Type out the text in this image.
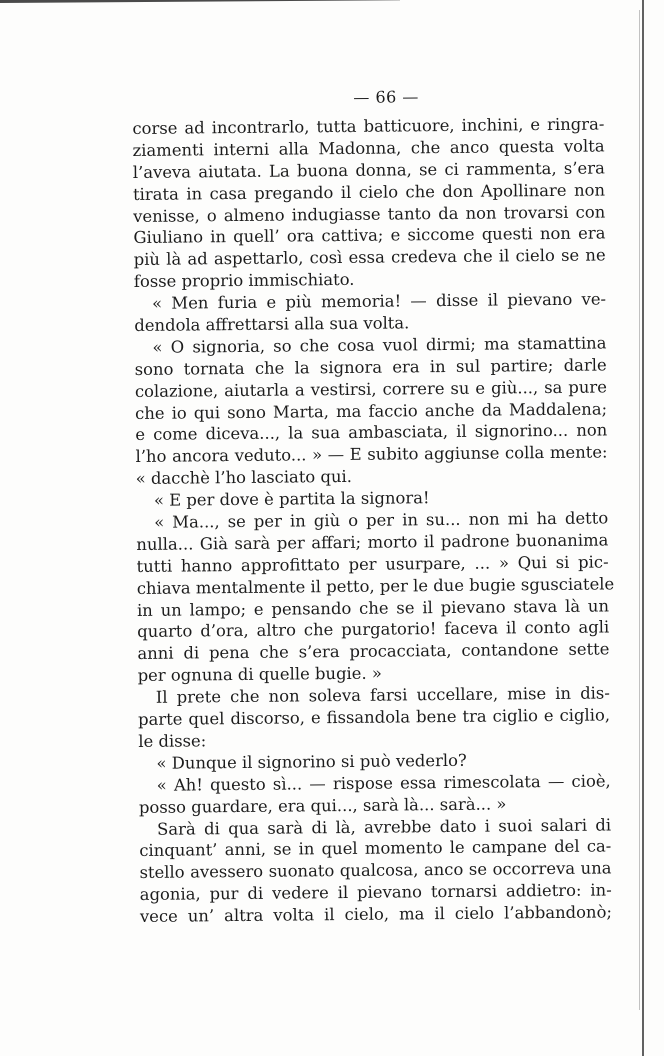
— 66 —
corse ad incontrarlo, tutta batticuore, inchini, e ringra-
ziamenti interni alla Madonna, che anco questa volta
l’aveva aiutata. La buona donna, se ci rammenta, s’era
tirata in casa pregando il cielo che don Apollinare non
venisse, o almeno indugiasse tanto da non trovarsi con
Giuliano in quell’ ora cattiva; e siccome questi non era
più là ad aspettarlo, così essa credeva che il cielo se ne
fosse proprio immischiato.
« Men furia e più memoria! — disse il pievano ve-
dendola affrettarsi alla sua volta.
« O signoria, so che cosa vuol dirmi; ma stamattina
sono tornata che la signora era in sul partire; darle
colazione, aiutarla a vestirsi, correre su e giù..., sa pure
che io qui sono Marta, ma faccio anche da Maddalena;
e come diceva..., la sua ambasciata, il signorino... non
l’ho ancora veduto... » — E subito aggiunse colla mente:
« dacchè l’ho lasciato qui.
« E per dove è partita la signora!
« Ma..., se per in giù o per in su... non mi ha detto
nulla... Già sarà per affari; morto il padrone buonanima
tutti hanno approfittato per usurpare, ... » Qui si pic-
chiava mentalmente il petto, per le due bugie sgusciatele
in un lampo; e pensando che se il pievano stava là un
quarto d’ora, altro che purgatorio! faceva il conto agli
anni di pena che s’era procacciata, contandone sette
per ognuna di quelle bugie. »
Il prete che non soleva farsi uccellare, mise in dis-
parte quel discorso, e fissandola bene tra ciglio e ciglio,
le disse:
« Dunque il signorino si può vederlo?
« Ah! questo sì... — rispose essa rimescolata — cioè,
posso guardare, era qui..., sarà là... sarà... »
Sarà di qua sarà di là, avrebbe dato i suoi salari di
cinquant’ anni, se in quel momento le campane del ca-
stello avessero suonato qualcosa, anco se occorreva una
agonia, pur di vedere il pievano tornarsi addietro: in-
vece un’ altra volta il cielo, ma il cielo l’abbandonò;
